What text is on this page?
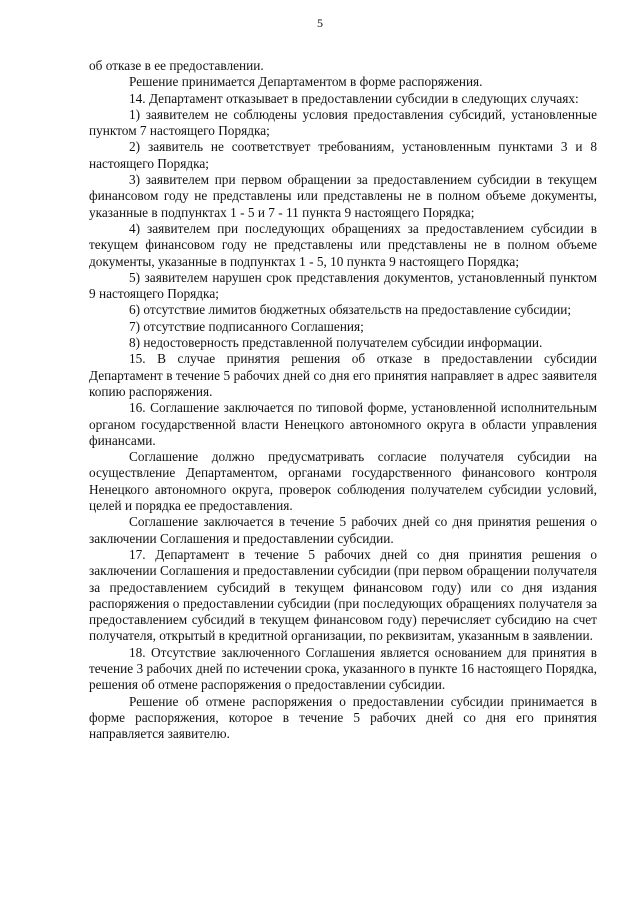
5

об отказе в ее предоставлении.

Решение принимается Департаментом в форме распоряжения.

14. Департамент отказывает в предоставлении субсидии в следующих случаях:

1) заявителем не соблюдены условия предоставления субсидий, установленные пунктом 7 настоящего Порядка;

2) заявитель не соответствует требованиям, установленным пунктами 3 и 8 настоящего Порядка;

3) заявителем при первом обращении за предоставлением субсидии в текущем финансовом году не представлены или представлены не в полном объеме документы, указанные в подпунктах 1 - 5 и 7 - 11 пункта 9 настоящего Порядка;

4) заявителем при последующих обращениях за предоставлением субсидии в текущем финансовом году не представлены или представлены не в полном объеме документы, указанные в подпунктах 1 - 5, 10 пункта 9 настоящего Порядка;

5) заявителем нарушен срок представления документов, установленный пунктом 9 настоящего Порядка;

6) отсутствие лимитов бюджетных обязательств на предоставление субсидии;

7) отсутствие подписанного Соглашения;

8) недостоверность представленной получателем субсидии информации.

15. В случае принятия решения об отказе в предоставлении субсидии Департамент в течение 5 рабочих дней со дня его принятия направляет в адрес заявителя копию распоряжения.

16. Соглашение заключается по типовой форме, установленной исполнительным органом государственной власти Ненецкого автономного округа в области управления финансами.

Соглашение должно предусматривать согласие получателя субсидии на осуществление Департаментом, органами государственного финансового контроля Ненецкого автономного округа, проверок соблюдения получателем субсидии условий, целей и порядка ее предоставления.

Соглашение заключается в течение 5 рабочих дней со дня принятия решения о заключении Соглашения и предоставлении субсидии.

17. Департамент в течение 5 рабочих дней со дня принятия решения о заключении Соглашения и предоставлении субсидии (при первом обращении получателя за предоставлением субсидий в текущем финансовом году) или со дня издания распоряжения о предоставлении субсидии (при последующих обращениях получателя за предоставлением субсидий в текущем финансовом году) перечисляет субсидию на счет получателя, открытый в кредитной организации, по реквизитам, указанным в заявлении.

18. Отсутствие заключенного Соглашения является основанием для принятия в течение 3 рабочих дней по истечении срока, указанного в пункте 16 настоящего Порядка, решения об отмене распоряжения о предоставлении субсидии.

Решение об отмене распоряжения о предоставлении субсидии принимается в форме распоряжения, которое в течение 5 рабочих дней со дня его принятия направляется заявителю.
